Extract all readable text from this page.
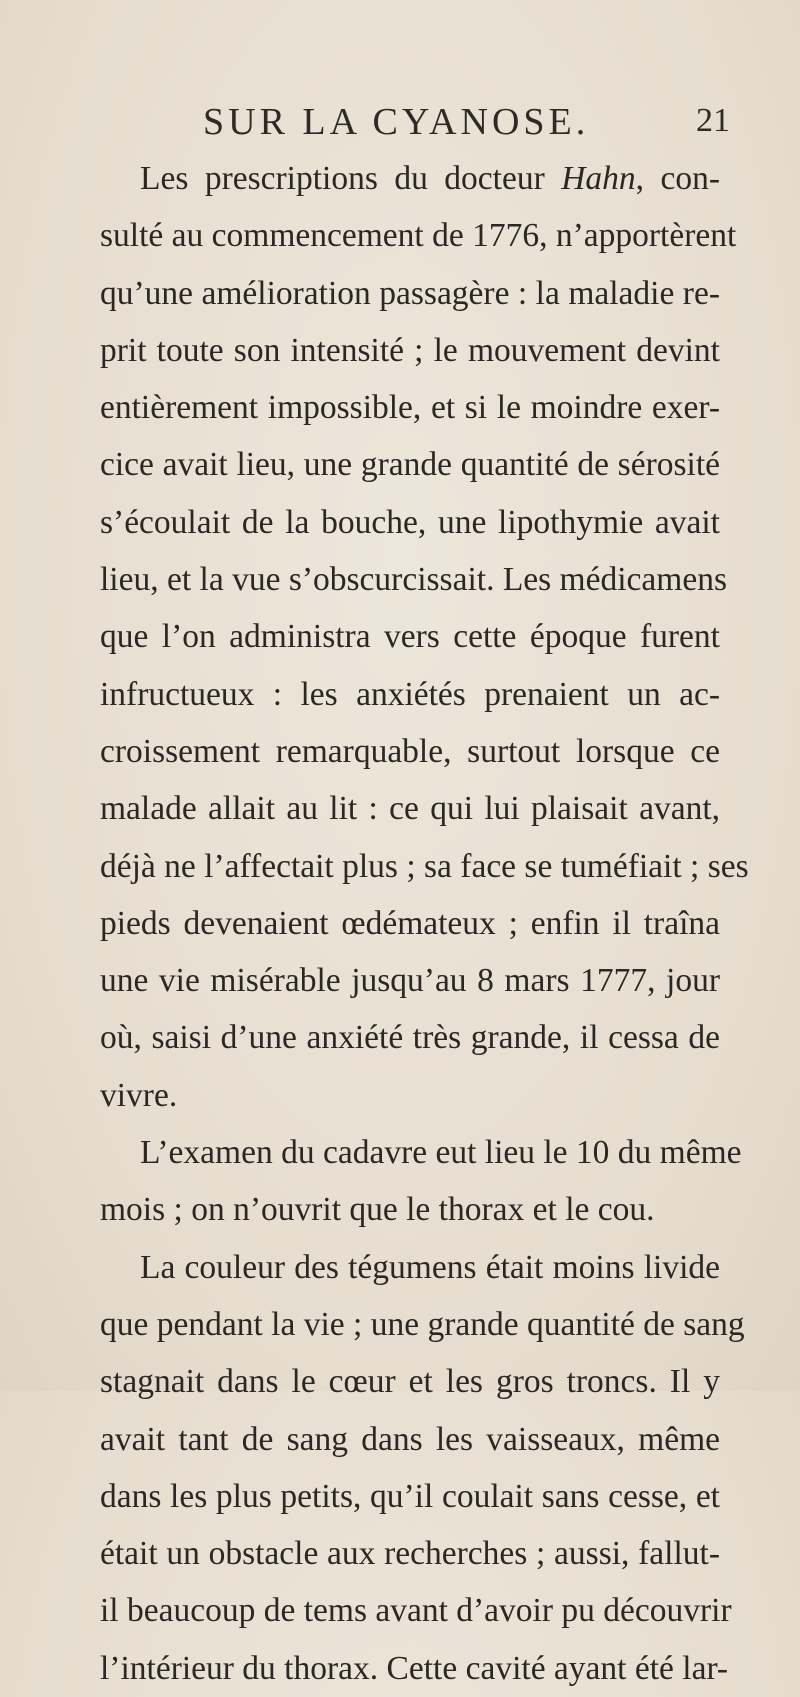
SUR LA CYANOSE.	21
Les prescriptions du docteur Hahn, con-
sulté au commencement de 1776, n’apportèrent
qu’une amélioration passagère : la maladie re-
prit toute son intensité ; le mouvement devint
entièrement impossible, et si le moindre exer-
cice avait lieu, une grande quantité de sérosité
s’écoulait de la bouche, une lipothymie avait
lieu, et la vue s’obscurcissait. Les médicamens
que l’on administra vers cette époque furent
infructueux : les anxiétés prenaient un ac-
croissement remarquable, surtout lorsque ce
malade allait au lit : ce qui lui plaisait avant,
déjà ne l’affectait plus ; sa face se tuméfiait ; ses
pieds devenaient œdémateux ; enfin il traîna
une vie misérable jusqu’au 8 mars 1777, jour
où, saisi d’une anxiété très grande, il cessa de
vivre.
L’examen du cadavre eut lieu le 10 du même
mois ; on n’ouvrit que le thorax et le cou.
La couleur des tégumens était moins livide
que pendant la vie ; une grande quantité de sang
stagnait dans le cœur et les gros troncs. Il y
avait tant de sang dans les vaisseaux, même
dans les plus petits, qu’il coulait sans cesse, et
était un obstacle aux recherches ; aussi, fallut-
il beaucoup de tems avant d’avoir pu découvrir
l’intérieur du thorax. Cette cavité ayant été lar-
